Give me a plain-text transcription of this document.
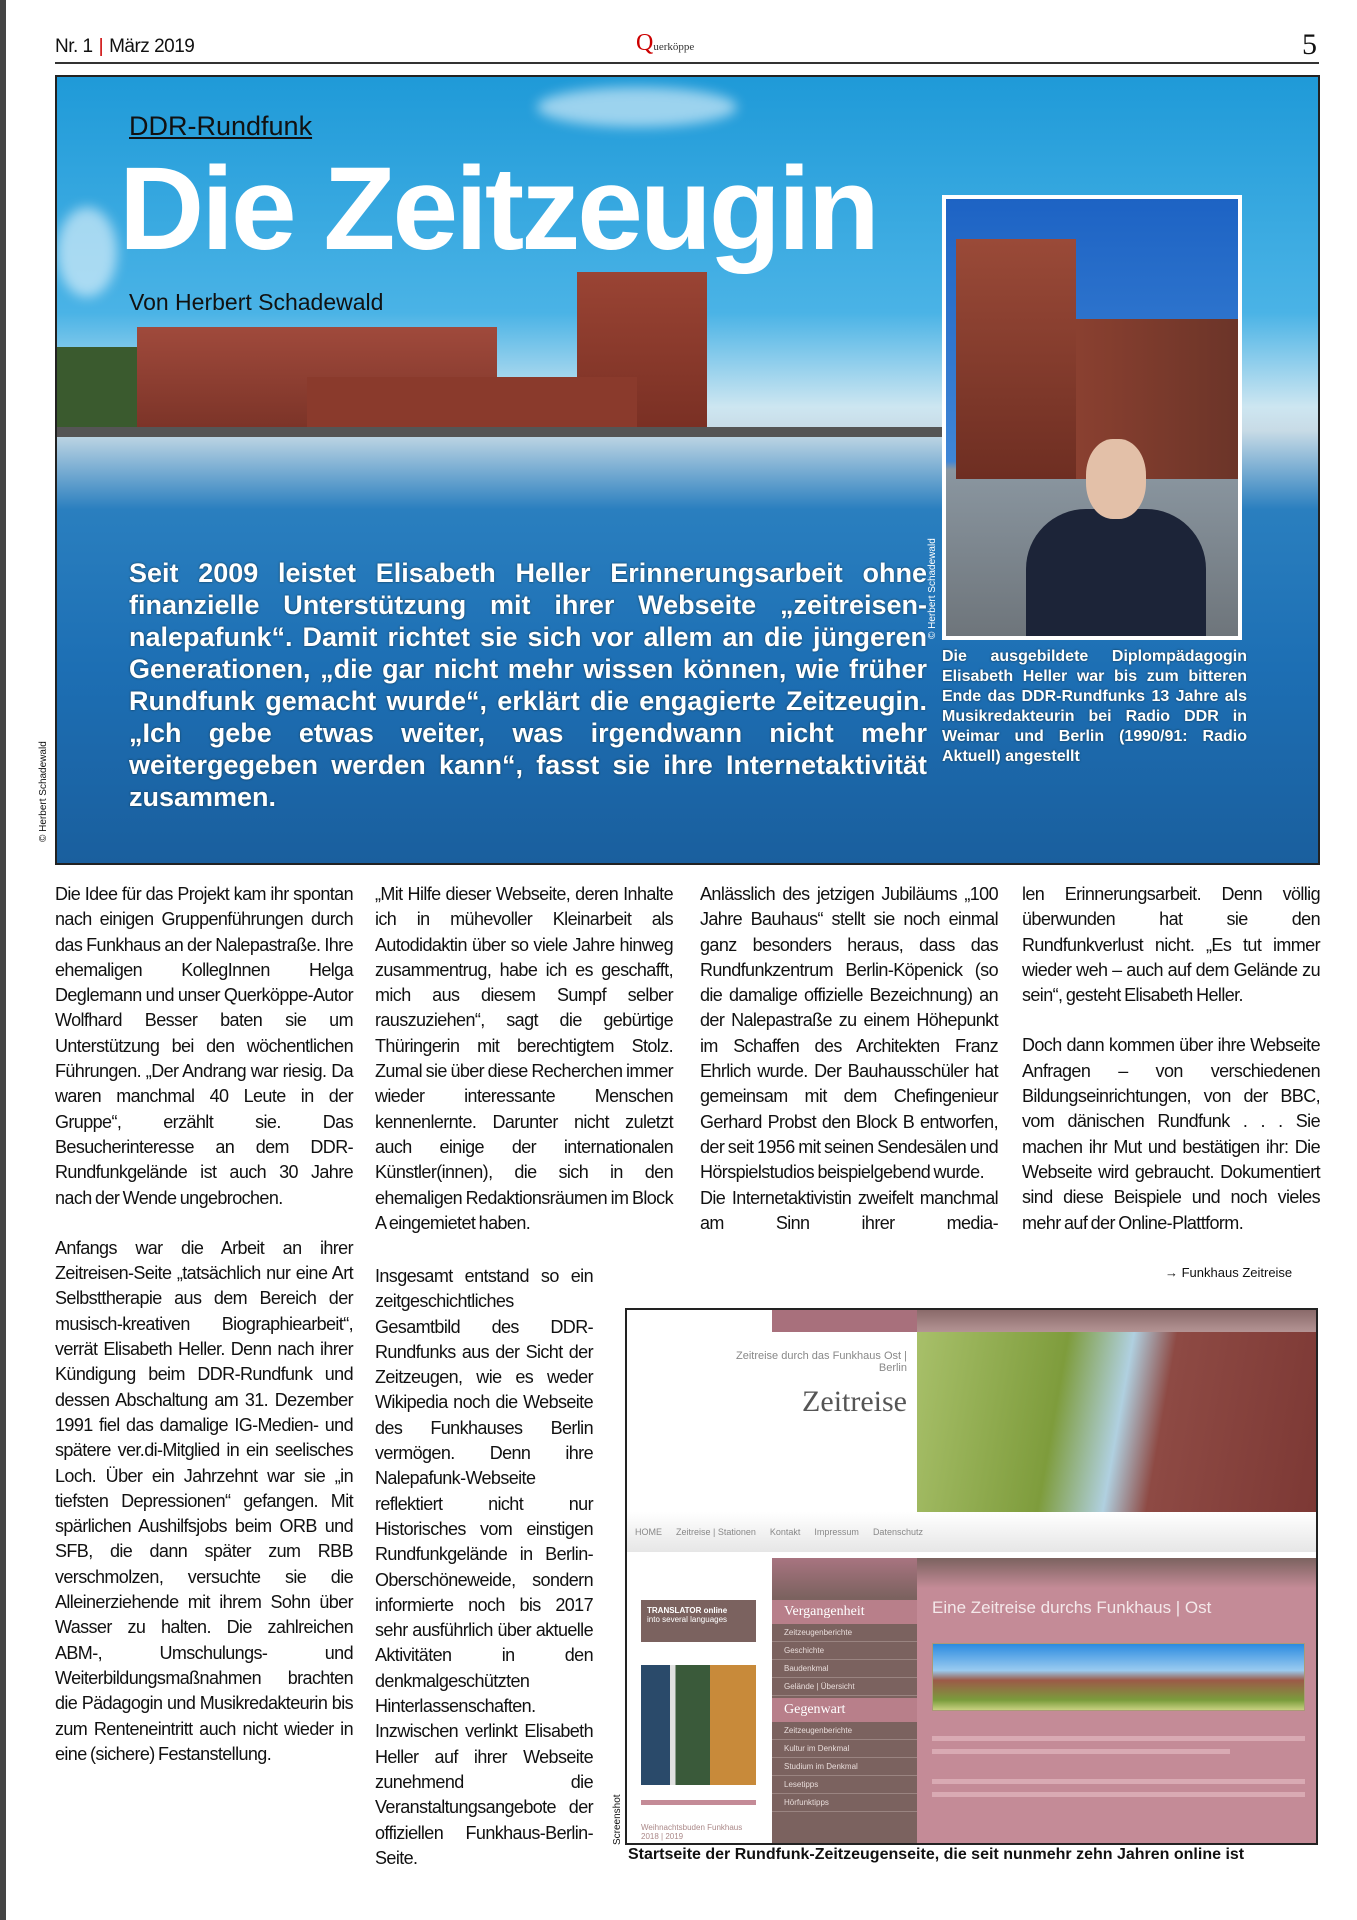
Nr. 1 | März 2019	Querköppe	5
DDR-Rundfunk
Die Zeitzeugin
Von Herbert Schadewald
Seit 2009 leistet Elisabeth Heller Erinnerungsarbeit ohne finanzielle Unterstützung mit ihrer Webseite „zeitreisen-nalepafunk“. Damit richtet sie sich vor allem an die jüngeren Generationen, „die gar nicht mehr wissen können, wie früher Rundfunk gemacht wurde“, erklärt die engagierte Zeitzeugin. „Ich gebe etwas weiter, was irgendwann nicht mehr weitergegeben werden kann“, fasst sie ihre Internetaktivität zusammen.
© Herbert Schadewald
Die ausgebildete Diplompädagogin Elisabeth Heller war bis zum bitteren Ende das DDR-Rundfunks 13 Jahre als Musikredakteurin bei Radio DDR in Weimar und Berlin (1990/91: Radio Aktuell) angestellt
© Herbert Schadewald

Die Idee für das Projekt kam ihr spontan nach einigen Gruppenführungen durch das Funkhaus an der Nalepastraße. Ihre ehemaligen KollegInnen Helga Deglemann und unser Querköppe-Autor Wolfhard Besser baten sie um Unterstützung bei den wöchentlichen Führungen. „Der Andrang war riesig. Da waren manchmal 40 Leute in der Gruppe“, erzählt sie. Das Besucherinteresse an dem DDR-Rundfunkgelände ist auch 30 Jahre nach der Wende ungebrochen.

Anfangs war die Arbeit an ihrer Zeitreisen-Seite „tatsächlich nur eine Art Selbsttherapie aus dem Bereich der musisch-kreativen Biographiearbeit“, verrät Elisabeth Heller. Denn nach ihrer Kündigung beim DDR-Rundfunk und dessen Abschaltung am 31. Dezember 1991 fiel das damalige IG-Medien- und spätere ver.di-Mitglied in ein seelisches Loch. Über ein Jahrzehnt war sie „in tiefsten Depressionen“ gefangen. Mit spärlichen Aushilfsjobs beim ORB und SFB, die dann später zum RBB verschmolzen, versuchte sie die Alleinerziehende mit ihrem Sohn über Wasser zu halten. Die zahlreichen ABM-, Umschulungs- und Weiterbildungsmaßnahmen brachten die Pädagogin und Musikredakteurin bis zum Renteneintritt auch nicht wieder in eine (sichere) Festanstellung.

„Mit Hilfe dieser Webseite, deren Inhalte ich in mühevoller Kleinarbeit als Autodidaktin über so viele Jahre hinweg zusammentrug, habe ich es geschafft, mich aus diesem Sumpf selber rauszuziehen“, sagt die gebürtige Thüringerin mit berechtigtem Stolz. Zumal sie über diese Recherchen immer wieder interessante Menschen kennenlernte. Darunter nicht zuletzt auch einige der internationalen Künstler(innen), die sich in den ehemaligen Redaktionsräumen im Block A eingemietet haben.

Insgesamt entstand so ein zeitgeschichtliches Gesamtbild des DDR-Rundfunks aus der Sicht der Zeitzeugen, wie es weder Wikipedia noch die Webseite des Funkhauses Berlin vermögen. Denn ihre Nalepafunk-Webseite reflektiert nicht nur Historisches vom einstigen Rundfunkgelände in Berlin-Oberschöneweide, sondern informierte noch bis 2017 sehr ausführlich über aktuelle Aktivitäten in den denkmalgeschützten Hinterlassenschaften. Inzwischen verlinkt Elisabeth Heller auf ihrer Webseite zunehmend die Veranstaltungsangebote der offiziellen Funkhaus-Berlin-Seite.

Anlässlich des jetzigen Jubiläums „100 Jahre Bauhaus“ stellt sie noch einmal ganz besonders heraus, dass das Rundfunkzentrum Berlin-Köpenick (so die damalige offizielle Bezeichnung) an der Nalepastraße zu einem Höhepunkt im Schaffen des Architekten Franz Ehrlich wurde. Der Bauhausschüler hat gemeinsam mit dem Chefingenieur Gerhard Probst den Block B entworfen, der seit 1956 mit seinen Sendesälen und Hörspielstudios beispielgebend wurde.

Die Internetaktivistin zweifelt manchmal am Sinn ihrer media-

len Erinnerungsarbeit. Denn völlig überwunden hat sie den Rundfunkverlust nicht. „Es tut immer wieder weh – auch auf dem Gelände zu sein“, gesteht Elisabeth Heller.

Doch dann kommen über ihre Webseite Anfragen – von verschiedenen Bildungseinrichtungen, von der BBC, vom dänischen Rundfunk . . . Sie machen ihr Mut und bestätigen ihr: Die Webseite wird gebraucht. Dokumentiert sind diese Beispiele und noch vieles mehr auf der Online-Plattform.

→ Funkhaus Zeitreise
Zeitreise durch das Funkhaus Ost | Berlin
Zeitreise
HOME Zeitreise | Stationen Kontakt Impressum Datenschutz
TRANSLATOR online
into several languages
Weihnachtsbuden Funkhaus 2018 | 2019
Vergangenheit
Zeitzeugenberichte
Geschichte
Baudenkmal
Gelände | Übersicht
Gegenwart
Zeitzeugenberichte
Kultur im Denkmal
Studium im Denkmal
Lesetipps
Hörfunktipps
Eine Zeitreise durchs Funkhaus | Ost
Screenshot
Startseite der Rundfunk-Zeitzeugenseite, die seit nunmehr zehn Jahren online ist
